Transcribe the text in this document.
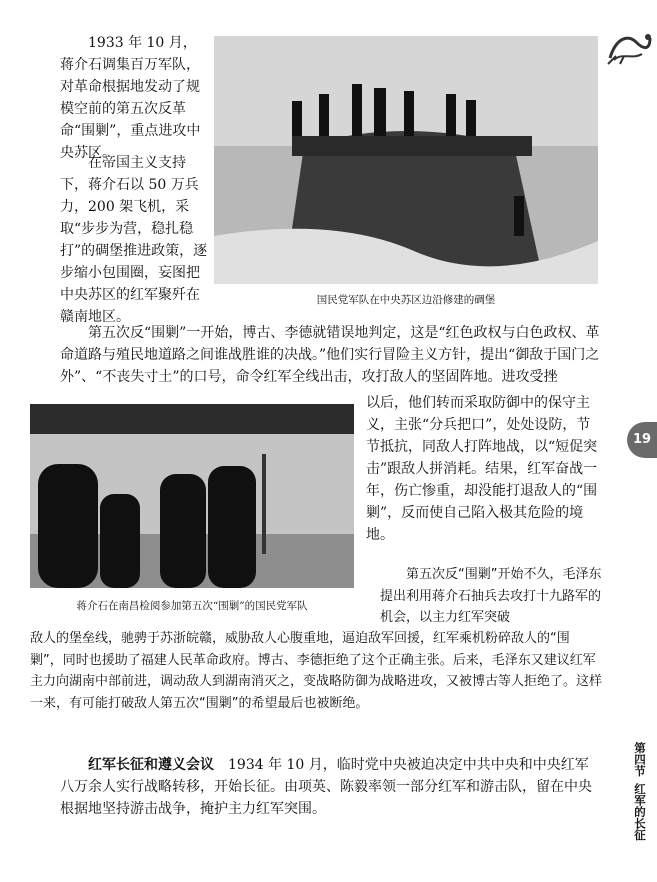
1933 年 10 月，蒋介石调集百万军队，对革命根据地发动了规模空前的第五次反革命“围剿”，重点进攻中央苏区。
在帝国主义支持下，蒋介石以 50 万兵力，200 架飞机，采取“步步为营，稳扎稳打”的碉堡推进政策，逐步缩小包围圈，妄图把中央苏区的红军聚歼在赣南地区。
国民党军队在中央苏区边沿修建的碉堡
第五次反“围剿”一开始，博古、李德就错误地判定，这是“红色政权与白色政权、革命道路与殖民地道路之间谁战胜谁的决战。”他们实行冒险主义方针，提出“御敌于国门之外”、“不丧失寸土”的口号，命令红军全线出击，攻打敌人的坚固阵地。进攻受挫
蒋介石在南昌检阅参加第五次“围剿”的国民党军队
以后，他们转而采取防御中的保守主义，主张“分兵把口”，处处设防，节节抵抗，同敌人打阵地战，以“短促突击”跟敌人拼消耗。结果，红军奋战一年，伤亡惨重，却没能打退敌人的“围剿”，反而使自己陷入极其危险的境地。
第五次反“围剿”开始不久，毛泽东提出利用蒋介石抽兵去攻打十九路军的机会，以主力红军突破
敌人的堡垒线，驰骋于苏浙皖赣，威胁敌人心腹重地，逼迫敌军回援，红军乘机粉碎敌人的“围剿”，同时也援助了福建人民革命政府。博古、李德拒绝了这个正确主张。后来，毛泽东又建议红军主力向湖南中部前进，调动敌人到湖南消灭之，变战略防御为战略进攻，又被博古等人拒绝了。这样一来，有可能打破敌人第五次“围剿”的希望最后也被断绝。
红军长征和遵义会议 1934 年 10 月，临时党中央被迫决定中共中央和中央红军八万余人实行战略转移，开始长征。由项英、陈毅率领一部分红军和游击队，留在中央根据地坚持游击战争，掩护主力红军突围。
19
第四节
红军的长征
